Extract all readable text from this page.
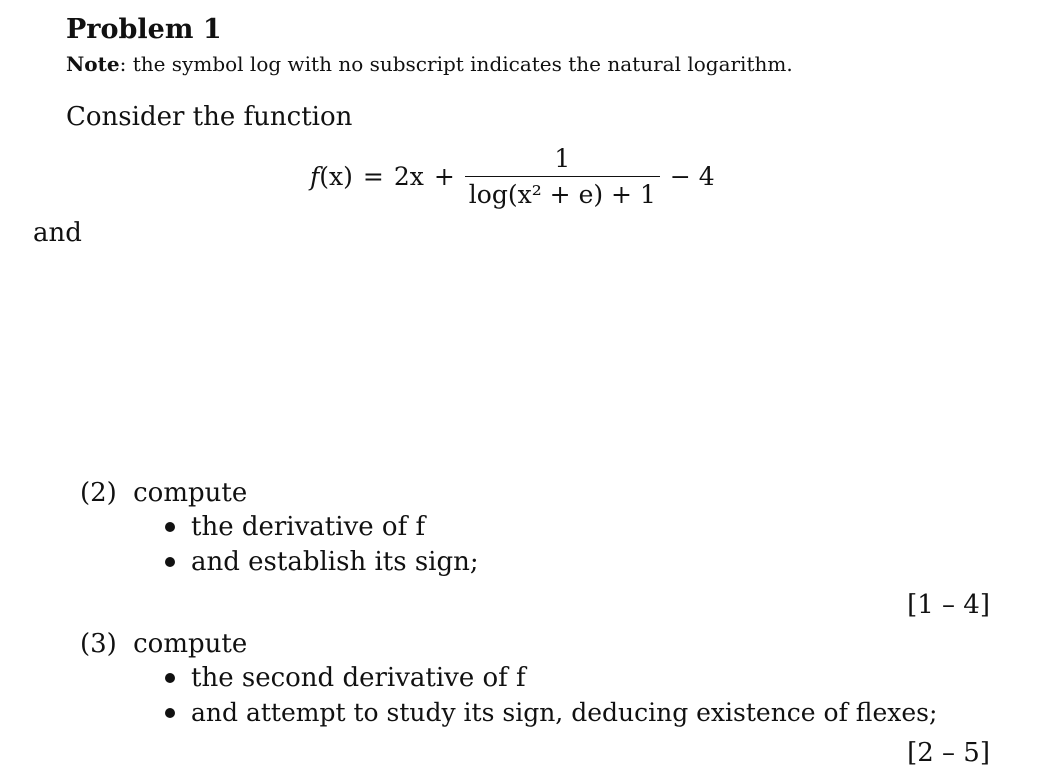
Problem 1
Note: the symbol log with no subscript indicates the natural logarithm.
Consider the function
f $(x) = 2x + \frac{1}{\text{log(x² + e) + 1}} - 4$
and
(2) compute
the derivative of f
and establish its sign;
[1 – 4]
(3) compute
the second derivative of f
and attempt to study its sign, deducing existence of flexes;
[2 – 5]
